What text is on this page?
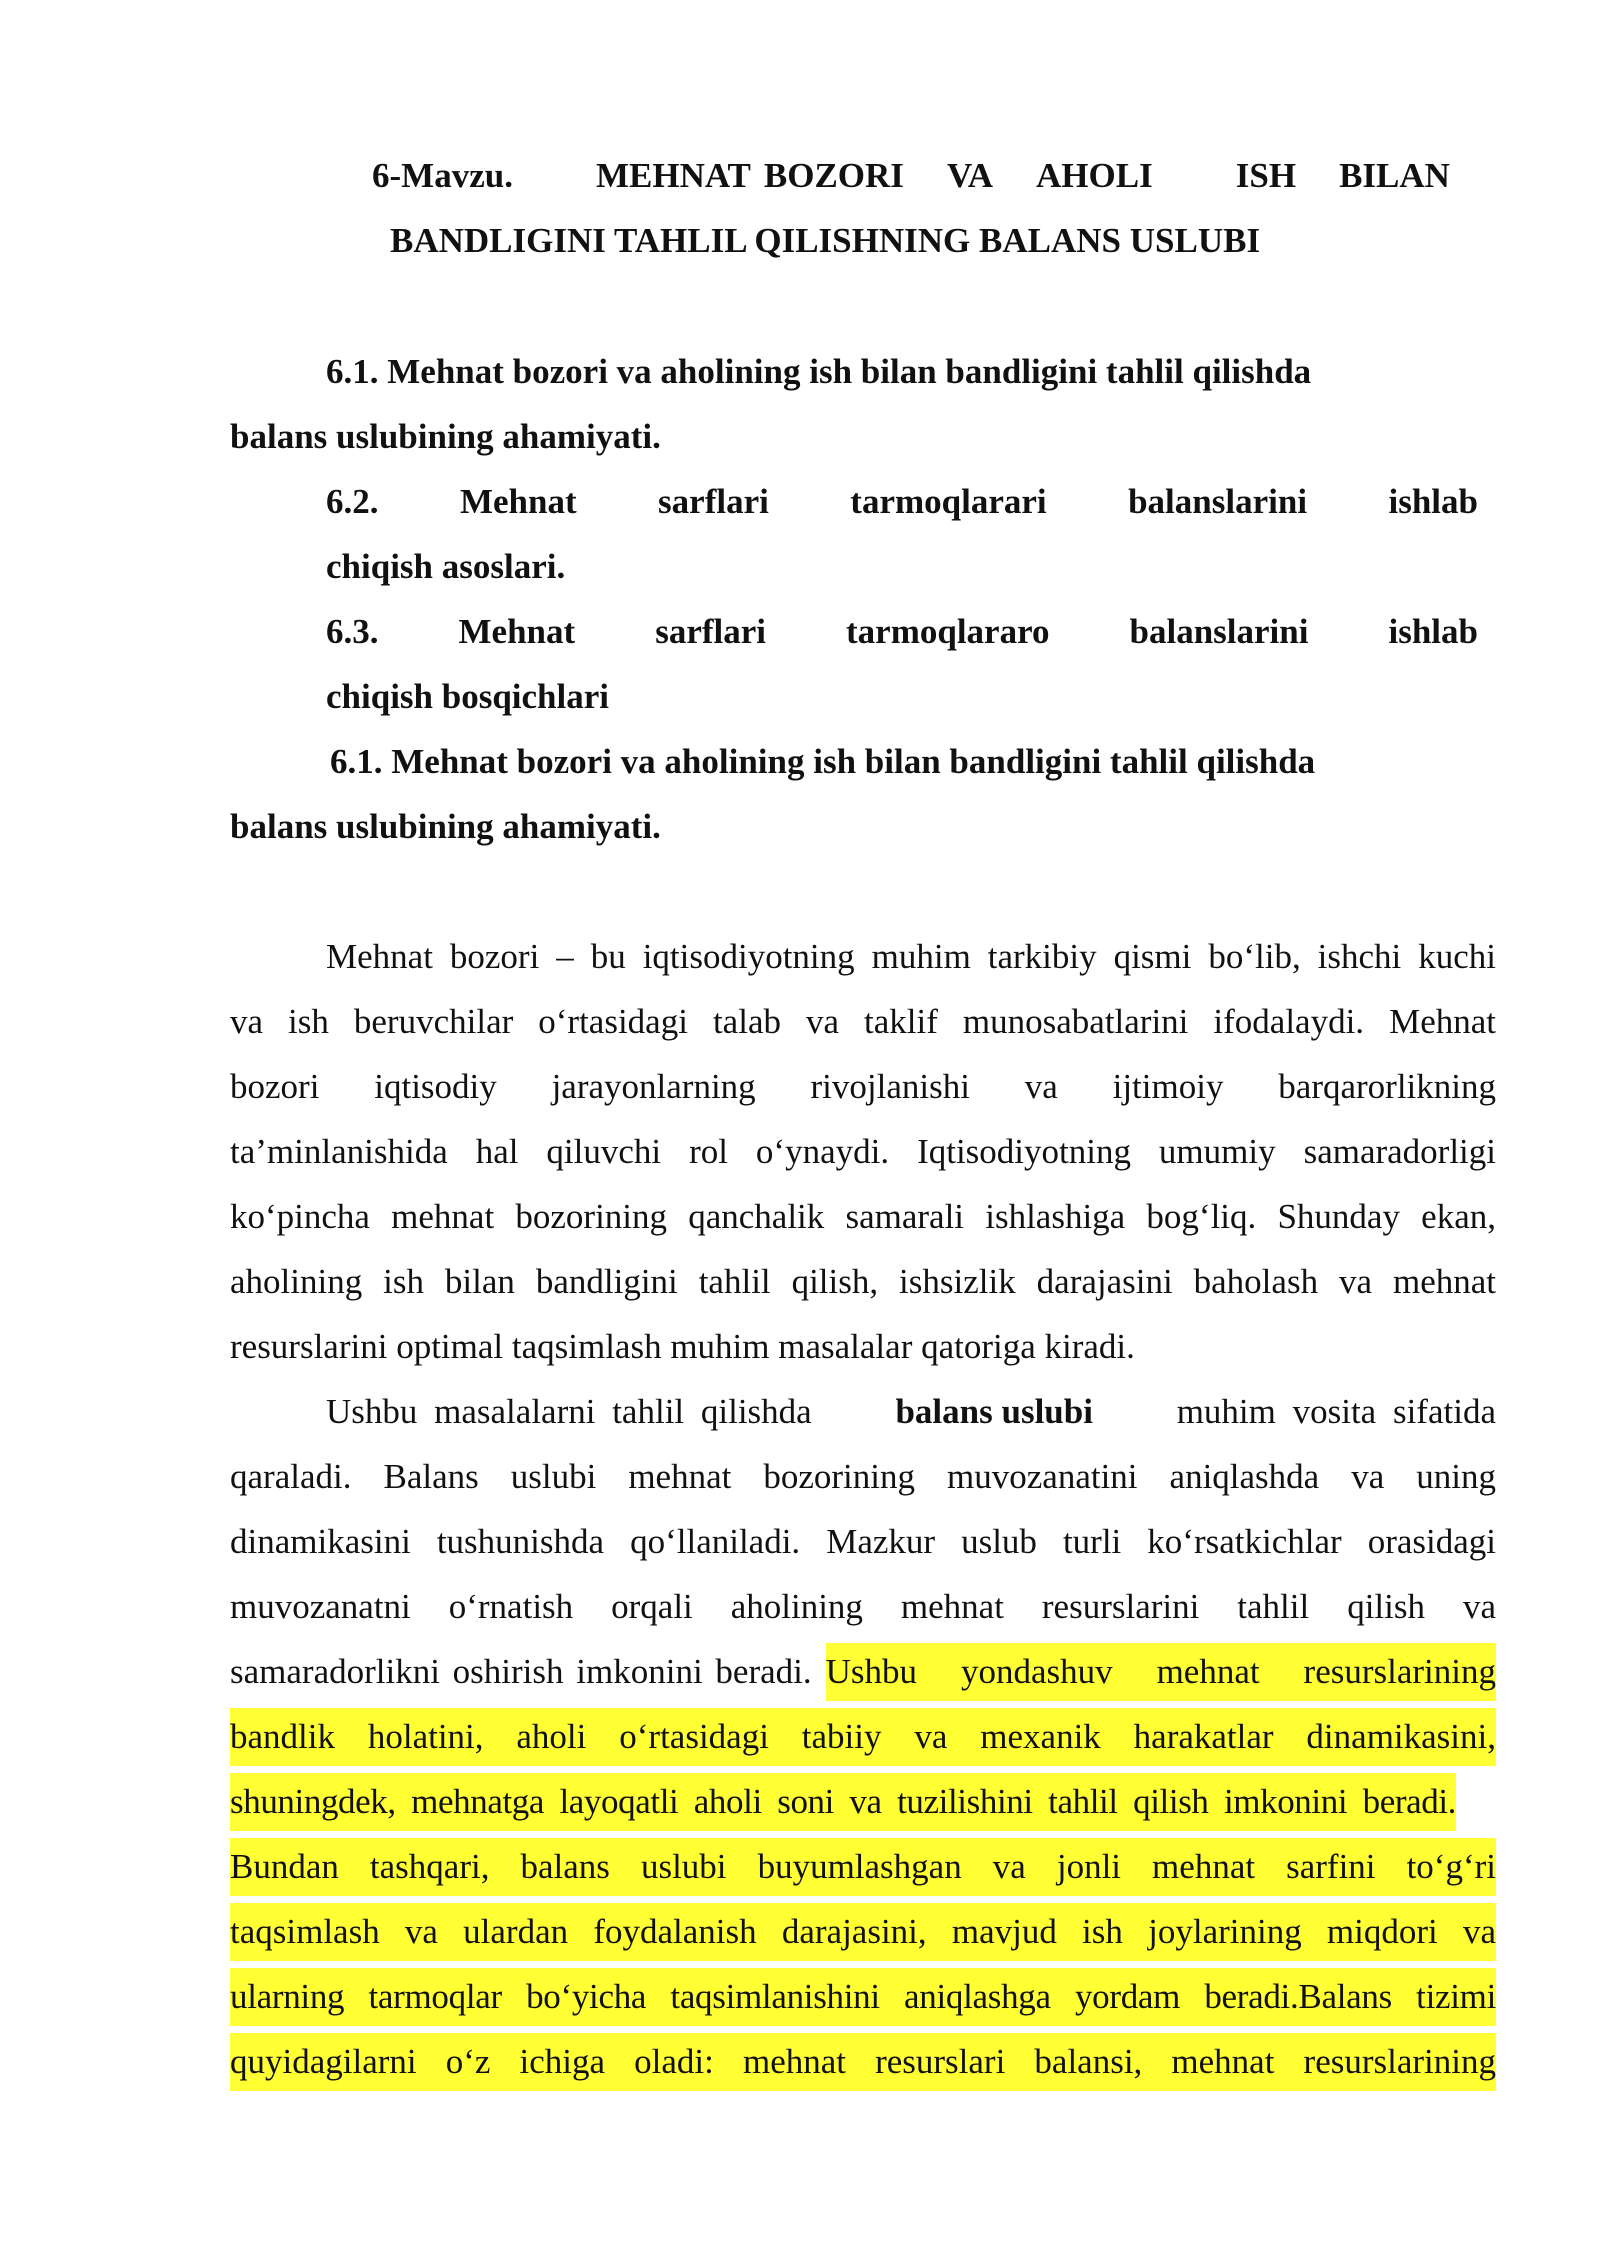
6-Mavzu. MEHNAT BOZORI VA AHOLI ISH BILAN
BANDLIGINI TAHLIL QILISHNING BALANS USLUBI
6.1. Mehnat bozori va aholining ish bilan bandligini tahlil qilishda
balans uslubining ahamiyati.
6.2. Mehnat sarflari tarmoqlarari balanslarini ishlab
chiqish asoslari.
6.3. Mehnat sarflari tarmoqlararo balanslarini ishlab
chiqish bosqichlari
6.1. Mehnat bozori va aholining ish bilan bandligini tahlil qilishda
balans uslubining ahamiyati.
Mehnat bozori – bu iqtisodiyotning muhim tarkibiy qismi bo‘lib, ishchi kuchi
va ish beruvchilar o‘rtasidagi talab va taklif munosabatlarini ifodalaydi. Mehnat
bozori iqtisodiy jarayonlarning rivojlanishi va ijtimoiy barqarorlikning
ta’minlanishida hal qiluvchi rol o‘ynaydi. Iqtisodiyotning umumiy samaradorligi
ko‘pincha mehnat bozorining qanchalik samarali ishlashiga bog‘liq. Shunday ekan,
aholining ish bilan bandligini tahlil qilish, ishsizlik darajasini baholash va mehnat
resurslarini optimal taqsimlash muhim masalalar qatoriga kiradi.
Ushbu masalalarni tahlil qilishda balans uslubi muhim vosita sifatida
qaraladi. Balans uslubi mehnat bozorining muvozanatini aniqlashda va uning
dinamikasini tushunishda qo‘llaniladi. Mazkur uslub turli ko‘rsatkichlar orasidagi
muvozanatni o‘rnatish orqali aholining mehnat resurslarini tahlil qilish va
samaradorlikni oshirish imkonini beradi. Ushbu yondashuv mehnat resurslarining
bandlik holatini, aholi o‘rtasidagi tabiiy va mexanik harakatlar dinamikasini,
shuningdek, mehnatga layoqatli aholi soni va tuzilishini tahlil qilish imkonini beradi.
Bundan tashqari, balans uslubi buyumlashgan va jonli mehnat sarfini to‘g‘ri
taqsimlash va ulardan foydalanish darajasini, mavjud ish joylarining miqdori va
ularning tarmoqlar bo‘yicha taqsimlanishini aniqlashga yordam beradi.Balans tizimi
quyidagilarni o‘z ichiga oladi: mehnat resurslari balansi, mehnat resurslarining
